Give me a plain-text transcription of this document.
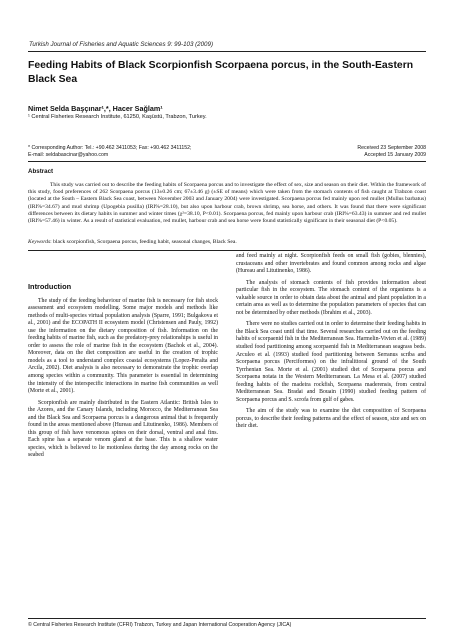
Turkish Journal of Fisheries and Aquatic Sciences 9: 99-103 (2009)
Feeding Habits of Black Scorpionfish Scorpaena porcus, in the South-Eastern Black Sea
Nimet Selda Başçınar¹,*, Hacer Sağlam¹
¹ Central Fisheries Research Institute, 61250, Kaşüstü, Trabzon, Turkey.
* Corresponding Author: Tel.: +90.462 3411053; Fax: +90.462 3411152;
E-mail: seldabascinar@yahoo.com
Received 23 September 2008
Accepted 15 January 2009
Abstract

This study was carried out to describe the feeding habits of Scorpaena porcus and to investigate the effect of sex, size and season on their diet. Within the framework of this study, food preferences of 262 Scorpaena porcus (13±0.26 cm; 67±3.46 g) (±SE of means) which were taken from the stomach contents of fish caught at Trabzon coast (located at the South – Eastern Black Sea coast, between November 2003 and January 2004) were investigated. Scorpaena porcus fed mainly upon red mullet (Mullus barbatus) (IRI%=34.67) and mud shrimp (Upogebia pusilla) (IRI%=28.10), but also upon harbour crab, brown shrimp, sea horse, and others. It was found that there were significant differences between its dietary habits in summer and winter times (χ²=38.10, P<0.01). Scorpaena porcus, fed mainly upon harbour crab (IRI%=63.43) in summer and red mullet (IRI%=57.46) in winter. As a result of statistical evaluation, red mullet, harbour crab and sea horse were found statistically significant in their seasonal diet (P<0.05).

Keywords: black scorpionfish, Scorpaena porcus, feeding habit, seasonal changes, Black Sea.
Introduction

The study of the feeding behaviour of marine fish is necessary for fish stock assessment and ecosystem modelling. Some major models and methods like methods of multi-species virtual population analysis (Sparre, 1991; Bulgakova et al., 2001) and the ECOPATH II ecosystem model (Christensen and Pauly, 1992) use the information on the dietary composition of fish. Information on the feeding habits of marine fish, such as the predatory-prey relationships is useful in order to assess the role of marine fish in the ecosystem (Bachok et al., 2004). Moreover, data on the diet composition are useful in the creation of trophic models as a tool to understand complex coastal ecosystems (Lopez-Peralta and Arcila, 2002). Diet analysis is also necessary to demonstrate the trophic overlap among species within a community. This parameter is essential in determining the intensity of the interspecific interactions in marine fish communities as well (Morte et al., 2001).

Scorpionfish are mainly distributed in the Eastern Atlantic: British Isles to the Azores, and the Canary Islands, including Morocco, the Mediterranean Sea and the Black Sea and Scorpaena porcus is a dangerous animal that is frequently found in the areas mentioned above (Hureau and Litutinenko, 1986). Members of this group of fish have venomous spines on their dorsal, ventral and anal fins. Each spine has a separate venom gland at the base. This is a shallow water species, which is believed to lie motionless during the day among rocks on the seabed

and feed mainly at night. Scorpionfish feeds on small fish (gobies, blennies), crustaceans and other invertebrates and found common among rocks and algae (Hureau and Litutinenko, 1986).

The analysis of stomach contents of fish provides information about particular fish in the ecosystem. The stomach content of the organisms is a valuable source in order to obtain data about the animal and plant population in a certain area as well as to determine the population parameters of species that can not be determined by other methods (Ibrahim et al., 2003).

There were no studies carried out in order to determine their feeding habits in the Black Sea coast until that time. Several researches carried out on the feeding habits of scorpaenid fish in the Mediterranean Sea. Harmelin-Vivien et al. (1989) studied food partitioning among scorpaenid fish in Mediterranean seagrass beds. Arculeo et al. (1993) studied food partitioning between Serranus scriba and Scorpaena porcus (Perciformes) on the infralittoral ground of the South Tyrrhenian Sea. Morte et al. (2001) studied diet of Scorpaena porcus and Scorpaena notata in the Western Mediterranean. La Mesa et al. (2007) studied feeding habits of the madeira rockfish, Scorpaena maderensis, from central Mediterranean Sea. Bradai and Bouain (1990) studied feeding pattern of Scorpaena porcus and S. scrofa from gulf of gabes.

The aim of the study was to examine the diet composition of Scorpaena porcus, to describe their feeding patterns and the effect of season, size and sex on their diet.

© Central Fisheries Research Institute (CFRI) Trabzon, Turkey and Japan International Cooperation Agency (JICA)
